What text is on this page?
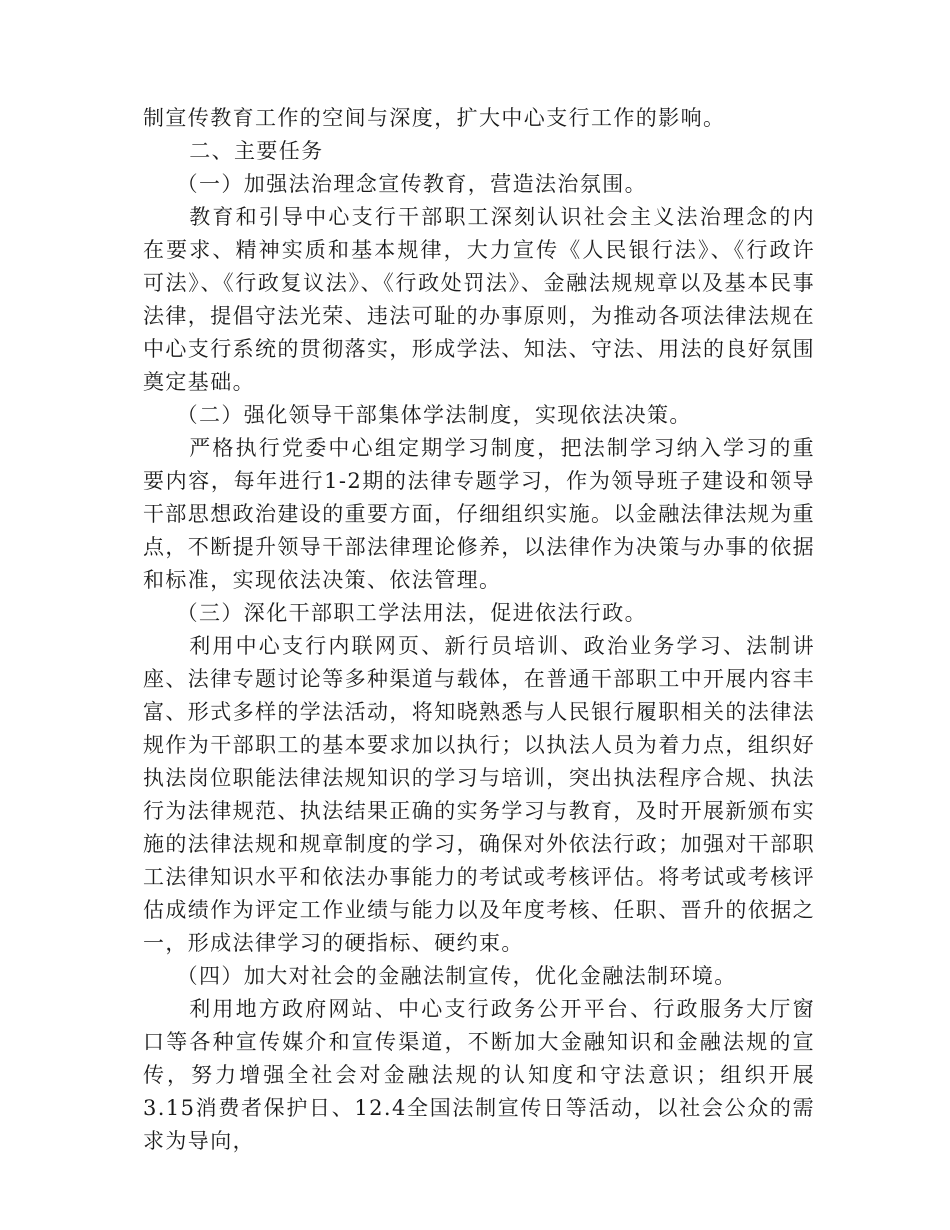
制宣传教育工作的空间与深度，扩大中心支行工作的影响。

二、主要任务

（一）加强法治理念宣传教育，营造法治氛围。

教育和引导中心支行干部职工深刻认识社会主义法治理念的内在要求、精神实质和基本规律，大力宣传《人民银行法》、《行政许可法》、《行政复议法》、《行政处罚法》、金融法规规章以及基本民事法律，提倡守法光荣、违法可耻的办事原则，为推动各项法律法规在中心支行系统的贯彻落实，形成学法、知法、守法、用法的良好氛围奠定基础。

（二）强化领导干部集体学法制度，实现依法决策。

严格执行党委中心组定期学习制度，把法制学习纳入学习的重要内容，每年进行1-2期的法律专题学习，作为领导班子建设和领导干部思想政治建设的重要方面，仔细组织实施。以金融法律法规为重点，不断提升领导干部法律理论修养，以法律作为决策与办事的依据和标准，实现依法决策、依法管理。

（三）深化干部职工学法用法，促进依法行政。

利用中心支行内联网页、新行员培训、政治业务学习、法制讲座、法律专题讨论等多种渠道与载体，在普通干部职工中开展内容丰富、形式多样的学法活动，将知晓熟悉与人民银行履职相关的法律法规作为干部职工的基本要求加以执行；以执法人员为着力点，组织好执法岗位职能法律法规知识的学习与培训，突出执法程序合规、执法行为法律规范、执法结果正确的实务学习与教育，及时开展新颁布实施的法律法规和规章制度的学习，确保对外依法行政；加强对干部职工法律知识水平和依法办事能力的考试或考核评估。将考试或考核评估成绩作为评定工作业绩与能力以及年度考核、任职、晋升的依据之一，形成法律学习的硬指标、硬约束。

（四）加大对社会的金融法制宣传，优化金融法制环境。

利用地方政府网站、中心支行政务公开平台、行政服务大厅窗口等各种宣传媒介和宣传渠道，不断加大金融知识和金融法规的宣传，努力增强全社会对金融法规的认知度和守法意识；组织开展3.15消费者保护日、12.4全国法制宣传日等活动，以社会公众的需求为导向，
